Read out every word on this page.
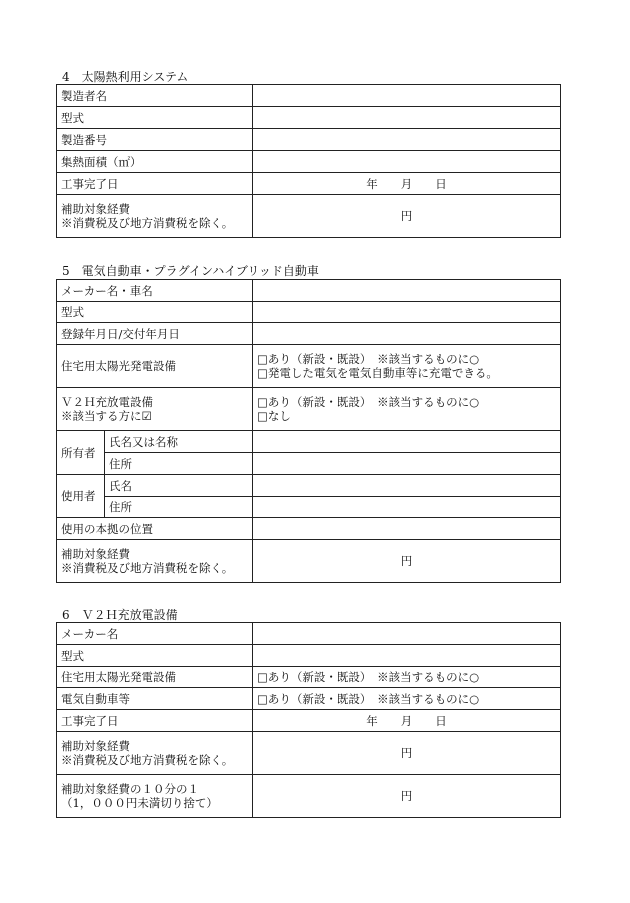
4　太陽熱利用システム
製造者名	
型式	
製造番号	
集熱面積（㎡）	
工事完了日	年　　月　　日

補助対象経費
※消費税及び地方消費税を除く。	円
5　電気自動車・プラグインハイブリッド自動車
メーカー名・車名		
型式		
登録年月日/交付年月日		
住宅用太陽光発電設備		□あり（新設・既設）　※該当するものに○
□発電した電気を電気自動車等に充電できる。

Ｖ２Ｈ充放電設備
※該当する方に☑		□あり（新設・既設）　※該当するものに○
□なし

所有者	氏名又は名称	
	住所	
使用者	氏名	
	住所	
使用の本拠の位置		

補助対象経費
※消費税及び地方消費税を除く。		円
6　Ｖ２Ｈ充放電設備
メーカー名	
型式	
住宅用太陽光発電設備	□あり（新設・既設）　※該当するものに○
電気自動車等	□あり（新設・既設）　※該当するものに○
工事完了日	年　　月　　日

補助対象経費
※消費税及び地方消費税を除く。	円

補助対象経費の１０分の１
（1，０００円未満切り捨て）	円
